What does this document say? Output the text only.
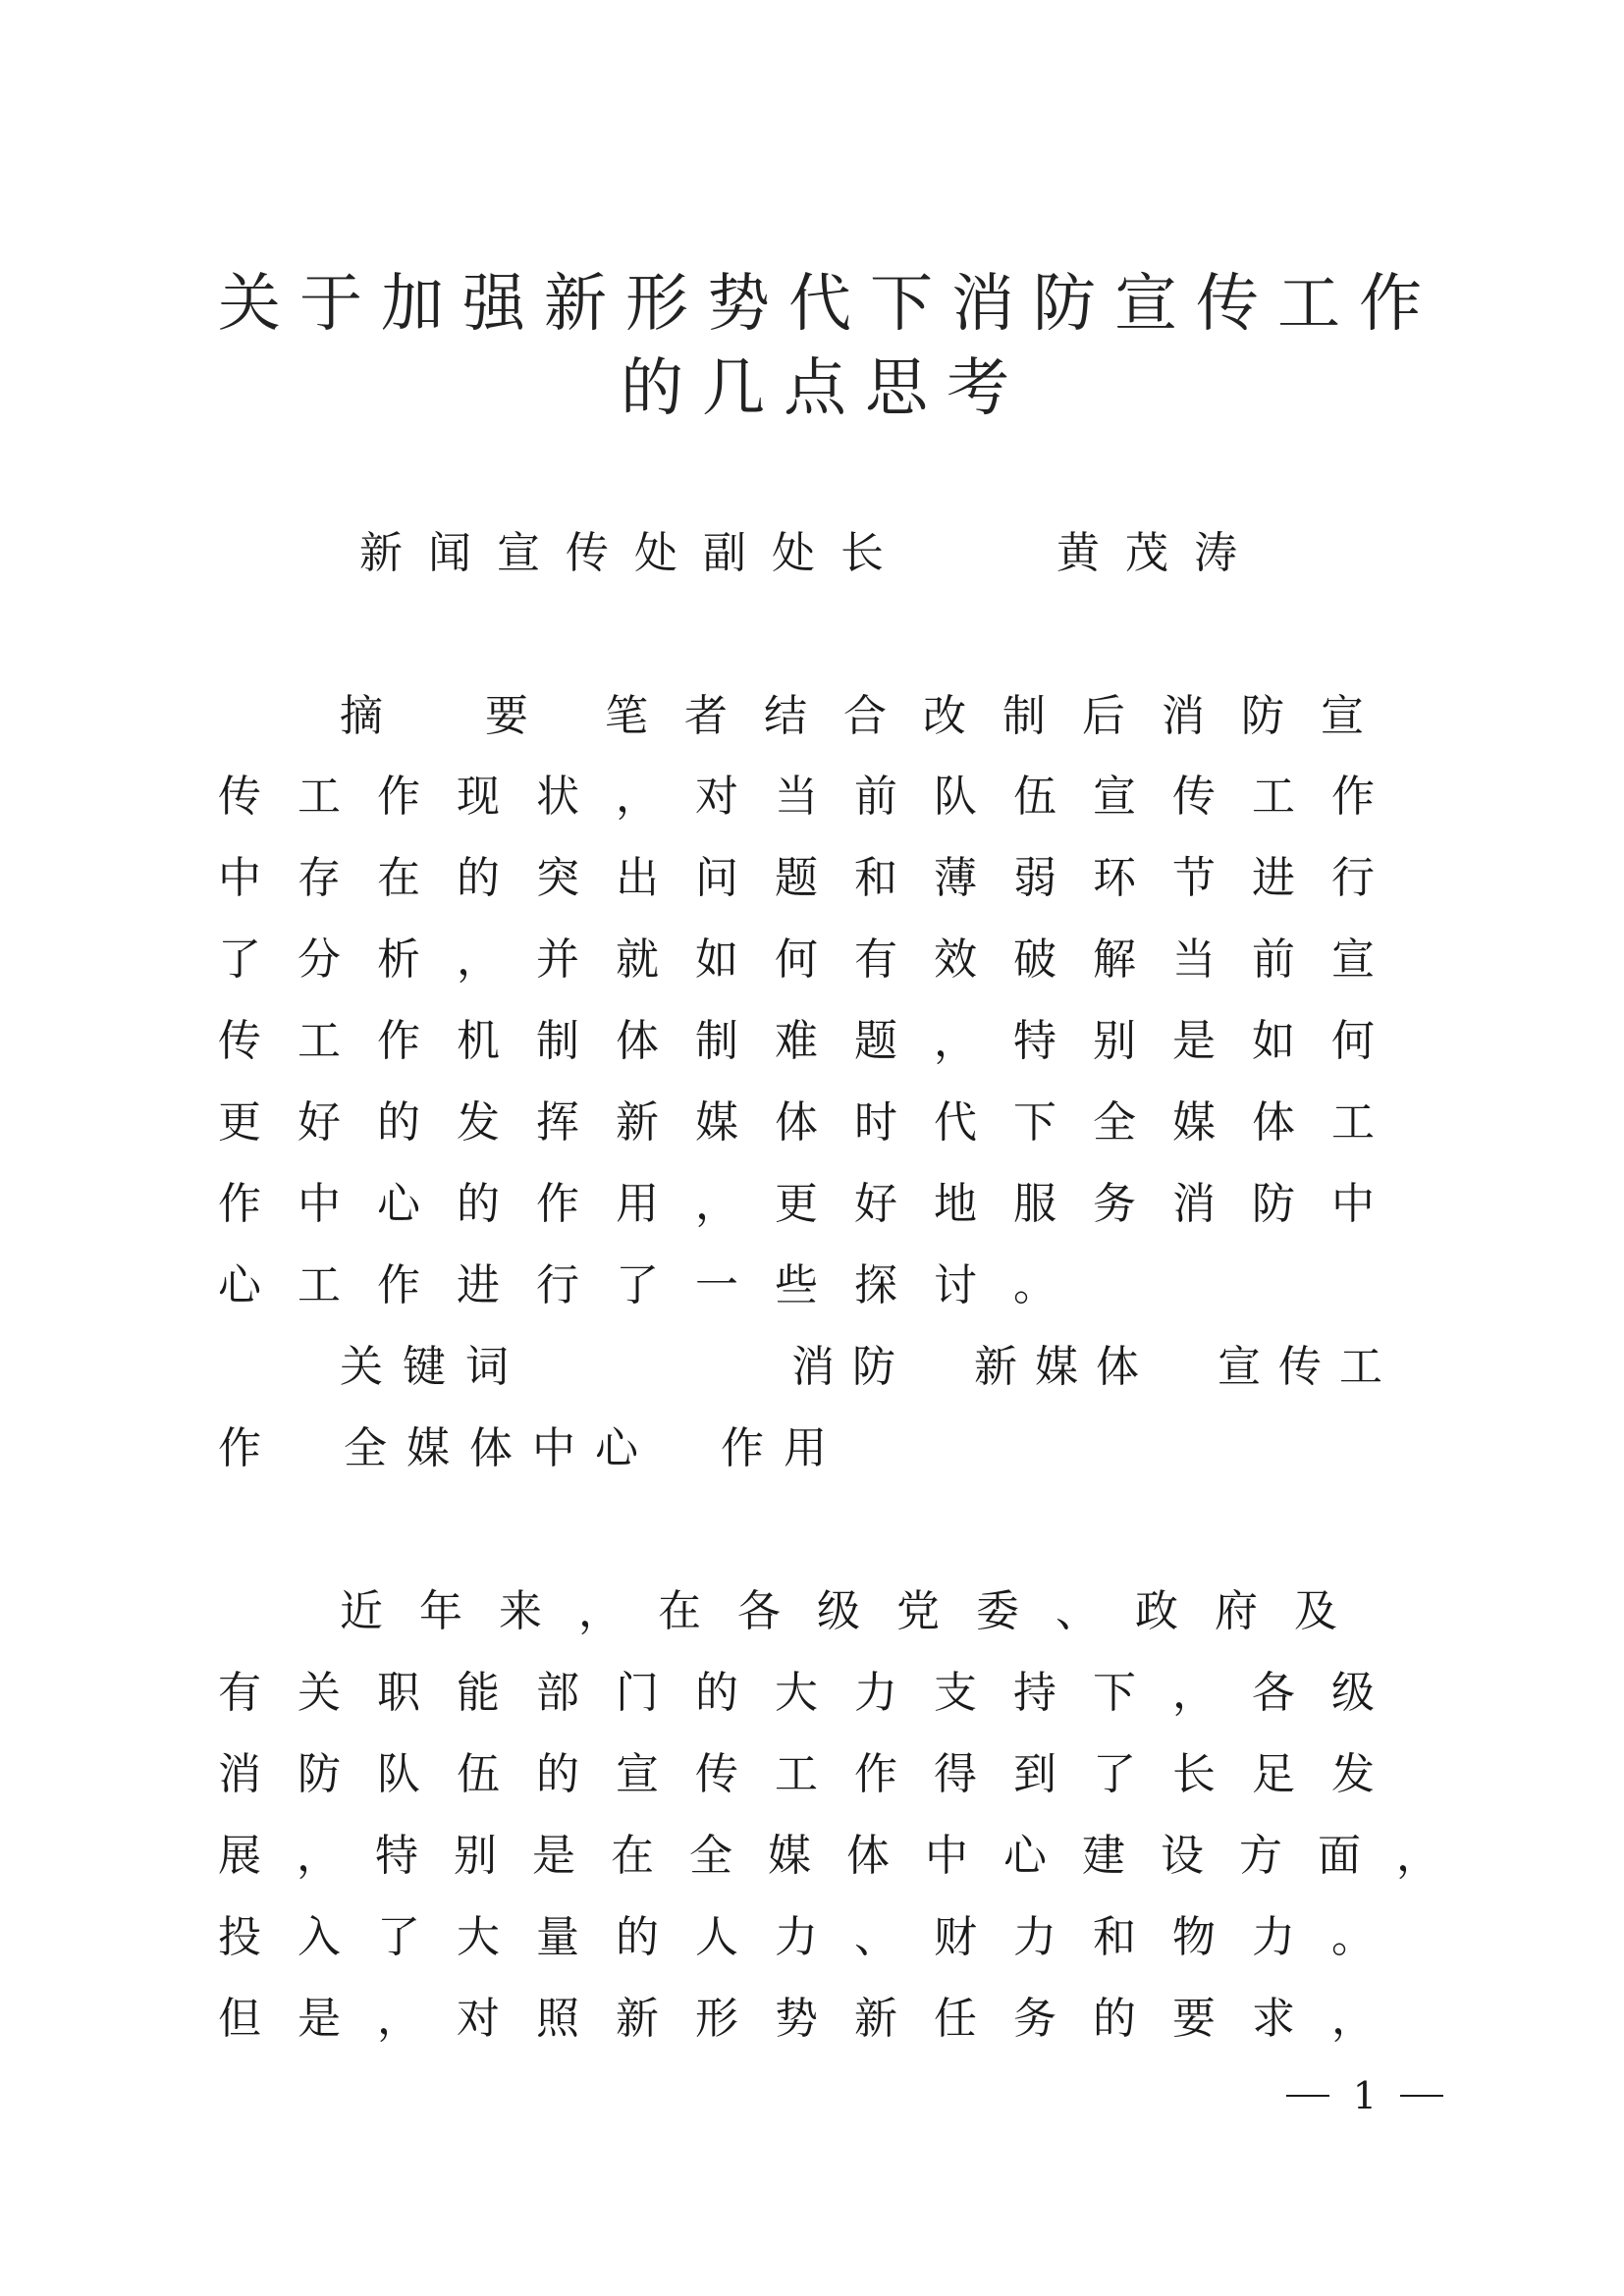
关于加强新形势代下消防宣传工作
的几点思考
新闻宣传处副处长	黄茂涛
摘　要 笔者结合改制后消防宣
传工作现状，对当前队伍宣传工作
中存在的突出问题和薄弱环节进行
了分析，并就如何有效破解当前宣
传工作机制体制难题，特别是如何
更好的发挥新媒体时代下全媒体工
作中心的作用，更好地服务消防中
心工作进行了一些探讨。
关键词	消防　新媒体　宣传工
作　全媒体中心　作用
近年来，在各级党委、政府及
有关职能部门的大力支持下，各级
消防队伍的宣传工作得到了长足发
展，特别是在全媒体中心建设方面，
投入了大量的人力、财力和物力。
但是，对照新形势新任务的要求，
1
